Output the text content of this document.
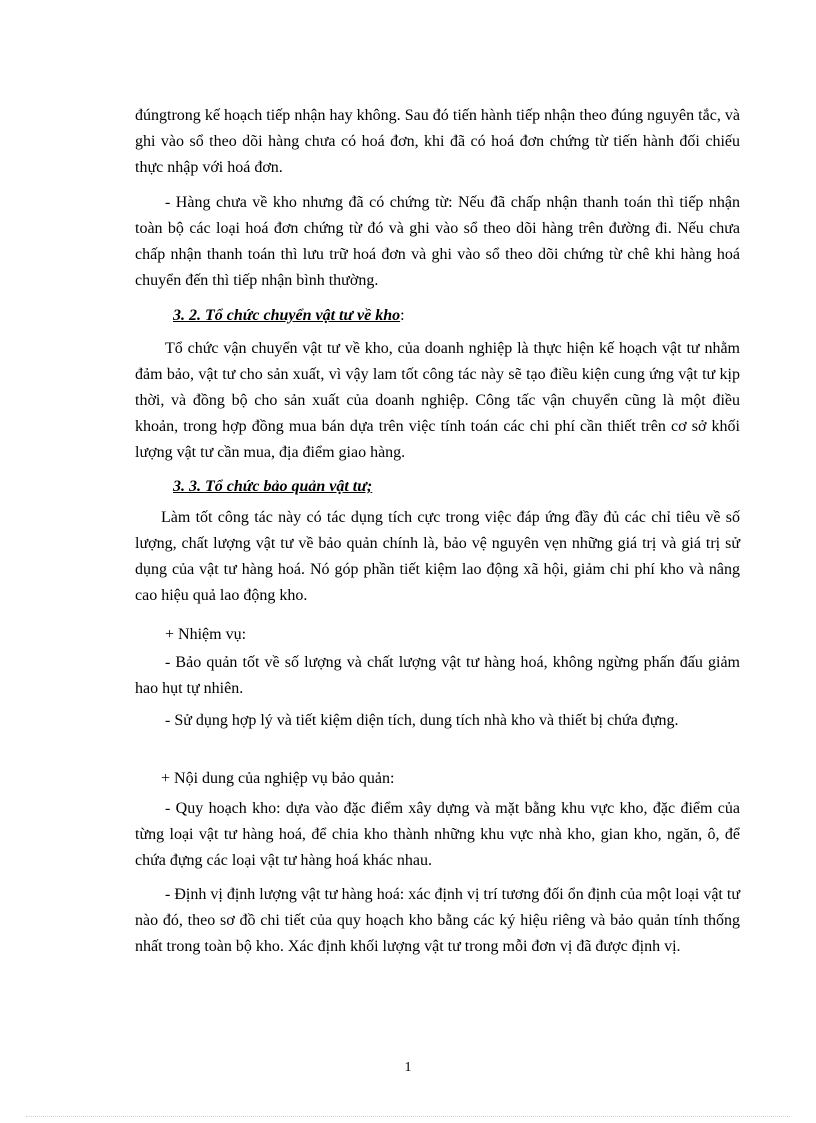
đúngtrong kế hoạch tiếp nhận hay không. Sau đó tiến hành tiếp nhận theo đúng nguyên tắc, và ghi vào sổ theo dõi hàng chưa có hoá đơn, khi đã có hoá đơn chứng từ tiến hành đối chiếu thực nhập với hoá đơn.

- Hàng chưa về kho nhưng đã có chứng từ: Nếu đã chấp nhận thanh toán thì tiếp nhận toàn bộ các loại hoá đơn chứng từ đó và ghi vào sổ theo dõi hàng trên đường đi. Nếu chưa chấp nhận thanh toán thì lưu trữ hoá đơn và ghi vào sổ theo dõi chứng từ chê khi hàng hoá chuyển đến thì tiếp nhận bình thường.

3. 2. Tổ chức chuyển vật tư về kho:

Tổ chức vận chuyển vật tư về kho, của doanh nghiệp là thực hiện kế hoạch vật tư nhằm đảm bảo, vật tư cho sản xuất, vì vậy lam tốt công tác này sẽ tạo điều kiện cung ứng vật tư kịp thời, và đồng bộ cho sản xuất của doanh nghiệp. Công tấc vận chuyển cũng là một điều khoản, trong hợp đồng mua bán dựa trên việc tính toán các chi phí cần thiết trên cơ sở khối lượng vật tư cần mua, địa điểm giao hàng.

3. 3. Tổ chức bảo quản vật tư;

Làm tốt công tác này có tác dụng tích cực trong việc đáp ứng đầy đủ các chỉ tiêu về số lượng, chất lượng vật tư về bảo quản chính là, bảo vệ nguyên vẹn những giá trị và giá trị sử dụng của vật tư hàng hoá. Nó góp phần tiết kiệm lao động xã hội, giảm chi phí kho và nâng cao hiệu quả lao động kho.

+ Nhiệm vụ:

- Bảo quản tốt về số lượng và chất lượng vật tư hàng hoá, không ngừng phấn đấu giảm hao hụt tự nhiên.

- Sử dụng hợp lý và tiết kiệm diện tích, dung tích nhà kho và thiết bị chứa đựng.

+ Nội dung của nghiệp vụ bảo quản:

- Quy hoạch kho: dựa vào đặc điểm xây dựng và mặt bằng khu vực kho, đặc điểm của từng loại vật tư hàng hoá, để chia kho thành những khu vực nhà kho, gian kho, ngăn, ô, để chứa đựng các loại vật tư hàng hoá khác nhau.

- Định vị định lượng vật tư hàng hoá: xác định vị trí tương đối ổn định của một loại vật tư nào đó, theo sơ đồ chi tiết của quy hoạch kho bằng các ký hiệu riêng và bảo quản tính thống nhất trong toàn bộ kho. Xác định khối lượng vật tư trong mỗi đơn vị đã được định vị.

1
